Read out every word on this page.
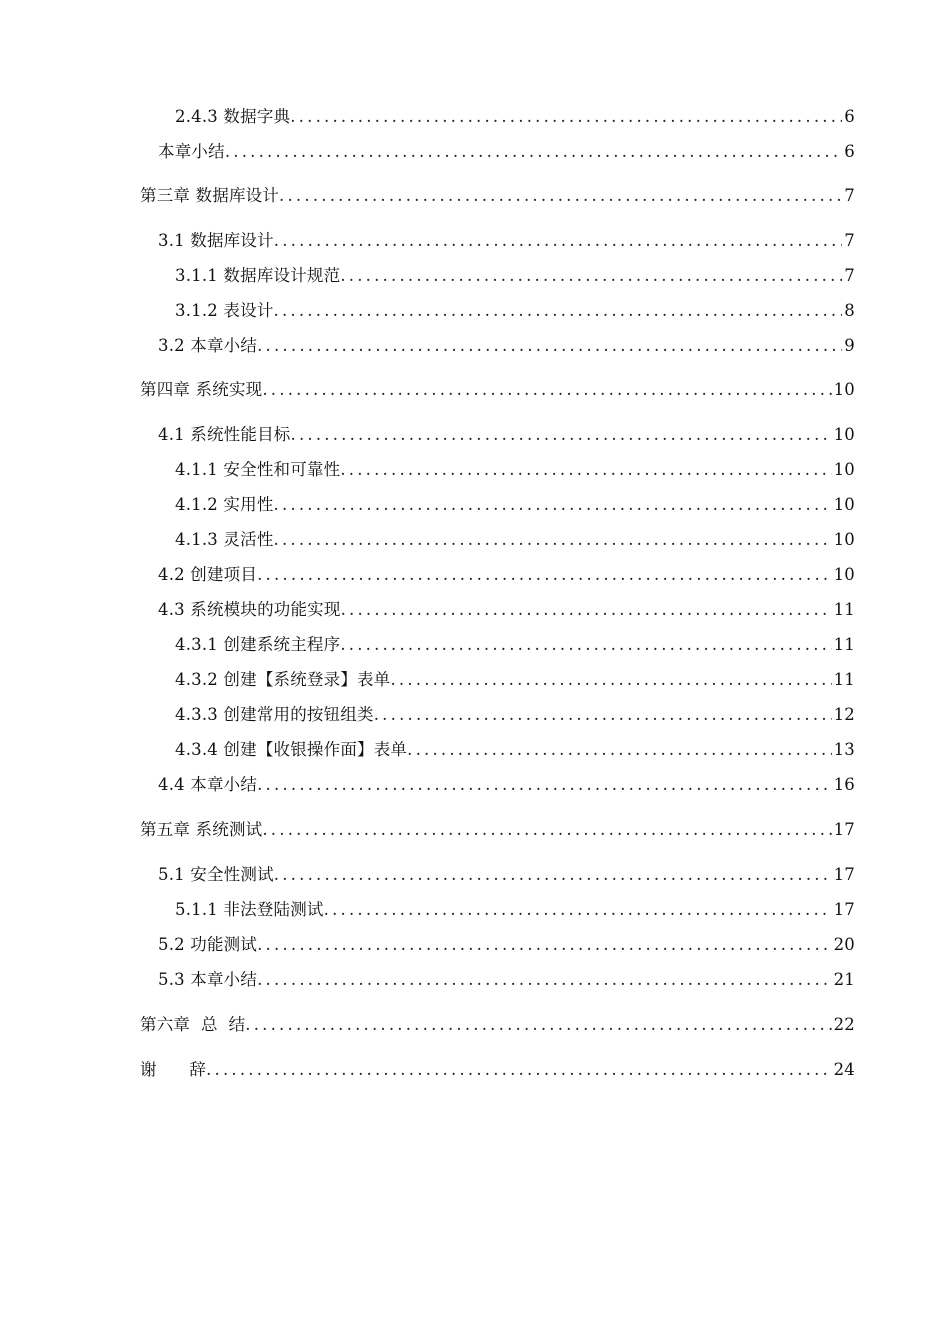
2.4.3 数据字典 .....	6
本章小结 .....	6
第三章 数据库设计 .....	7
3.1 数据库设计 .....	7
3.1.1 数据库设计规范 .....	7
3.1.2 表设计 .....	8
3.2 本章小结 .....	9
第四章 系统实现 .....	10
4.1 系统性能目标 .....	10
4.1.1 安全性和可靠性 .....	10
4.1.2 实用性 .....	10
4.1.3 灵活性 .....	10
4.2 创建项目 .....	10
4.3 系统模块的功能实现 .....	11
4.3.1 创建系统主程序 .....	11
4.3.2 创建【系统登录】表单 .....	11
4.3.3 创建常用的按钮组类 .....	12
4.3.4 创建【收银操作面】表单 .....	13
4.4 本章小结 .....	16
第五章 系统测试 .....	17
5.1 安全性测试 .....	17
5.1.1 非法登陆测试 .....	17
5.2 功能测试 .....	20
5.3 本章小结 .....	21
第六章  总  结 .....	22
谢      辞 .....	24
